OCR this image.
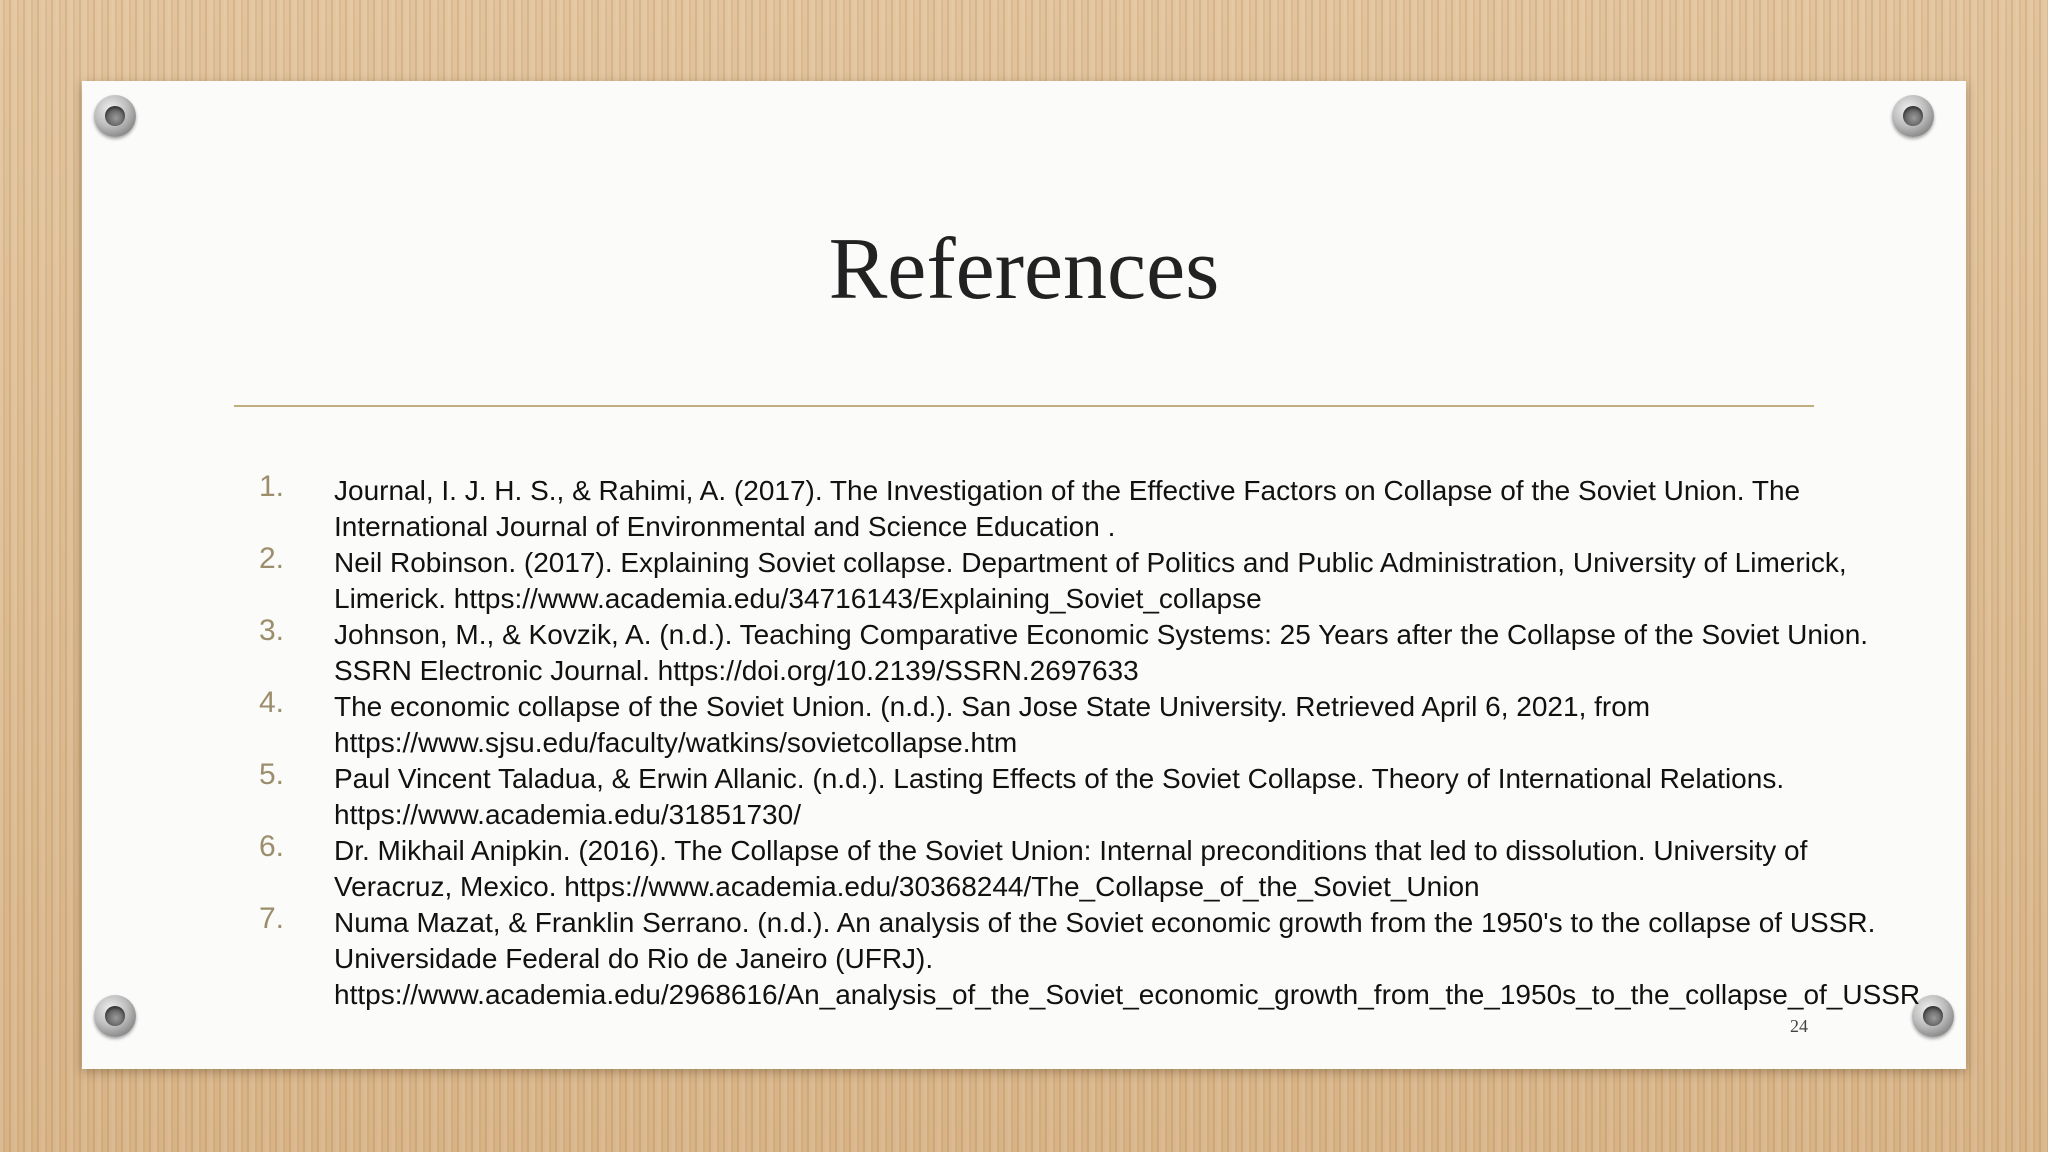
References
1. Journal, I. J. H. S., & Rahimi, A. (2017). The Investigation of the Effective Factors on Collapse of the Soviet Union. The
International Journal of Environmental and Science Education .
2. Neil Robinson. (2017). Explaining Soviet collapse. Department of Politics and Public Administration, University of Limerick,
Limerick. https://www.academia.edu/34716143/Explaining_Soviet_collapse
3. Johnson, M., & Kovzik, A. (n.d.). Teaching Comparative Economic Systems: 25 Years after the Collapse of the Soviet Union.
SSRN Electronic Journal. https://doi.org/10.2139/SSRN.2697633
4. The economic collapse of the Soviet Union. (n.d.). San Jose State University. Retrieved April 6, 2021, from
https://www.sjsu.edu/faculty/watkins/sovietcollapse.htm
5. Paul Vincent Taladua, & Erwin Allanic. (n.d.). Lasting Effects of the Soviet Collapse. Theory of International Relations.
https://www.academia.edu/31851730/
6. Dr. Mikhail Anipkin. (2016). The Collapse of the Soviet Union: Internal preconditions that led to dissolution. University of
Veracruz, Mexico. https://www.academia.edu/30368244/The_Collapse_of_the_Soviet_Union
7. Numa Mazat, & Franklin Serrano. (n.d.). An analysis of the Soviet economic growth from the 1950's to the collapse of USSR.
Universidade Federal do Rio de Janeiro (UFRJ).
https://www.academia.edu/2968616/An_analysis_of_the_Soviet_economic_growth_from_the_1950s_to_the_collapse_of_USSR
24
